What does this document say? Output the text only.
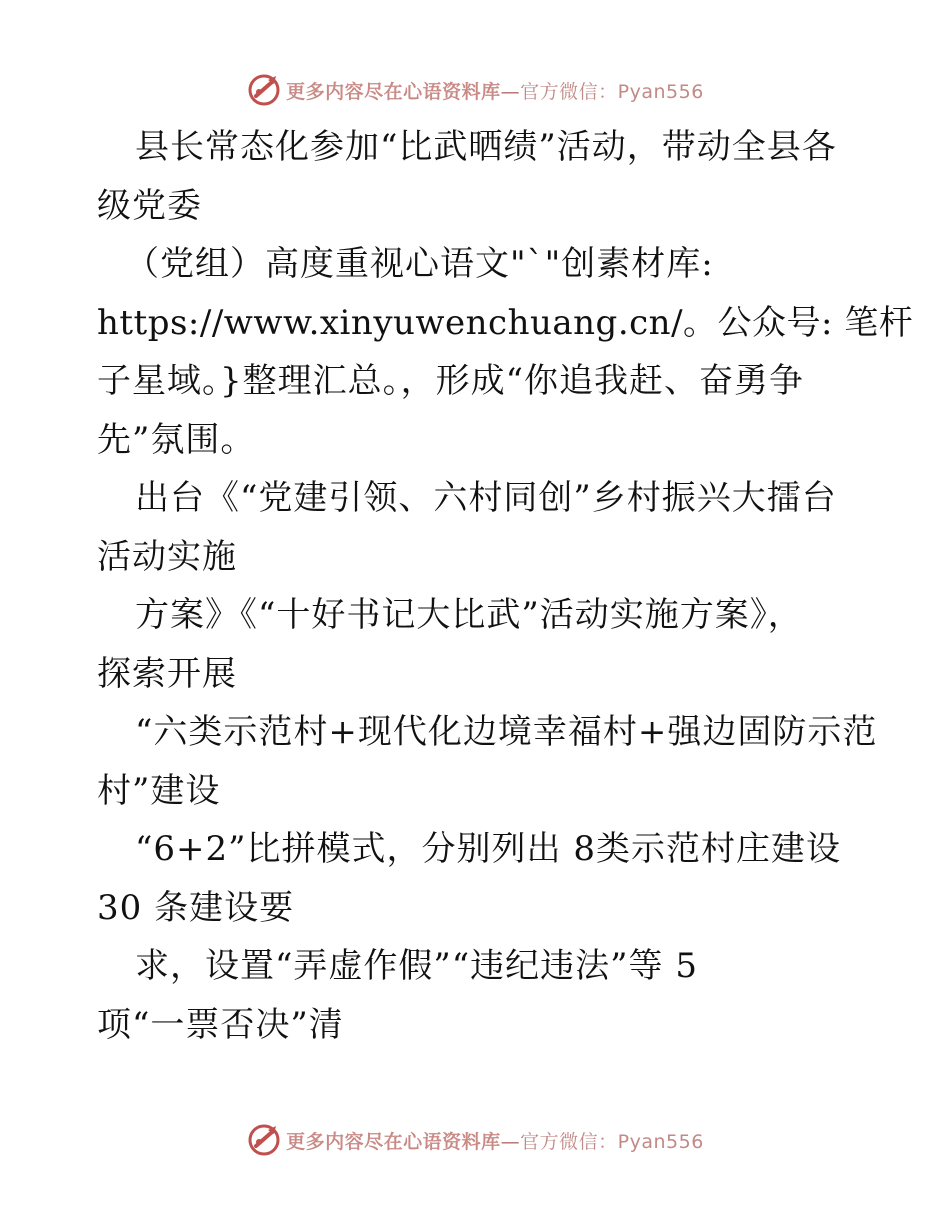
更多内容尽在心语资料库—官方微信：Pyan556
县长常态化参加“比武晒绩”活动，带动全县各
级党委
（党组）高度重视心语文"`"创素材库:
https://www.xinyuwenchuang.cn/。公众号: 笔杆
子星域。}整理汇总。，形成“你追我赶、奋勇争
先”氛围。
出台《“党建引领、六村同创”乡村振兴大擂台
活动实施
方案》《“十好书记大比武”活动实施方案》，
探索开展
“六类示范村+现代化边境幸福村+强边固防示范
村”建设
“6+2”比拼模式，分别列出 8类示范村庄建设
30 条建设要
求，设置“弄虚作假”“违纪违法”等 5
项“一票否决”清
更多内容尽在心语资料库—官方微信：Pyan556
